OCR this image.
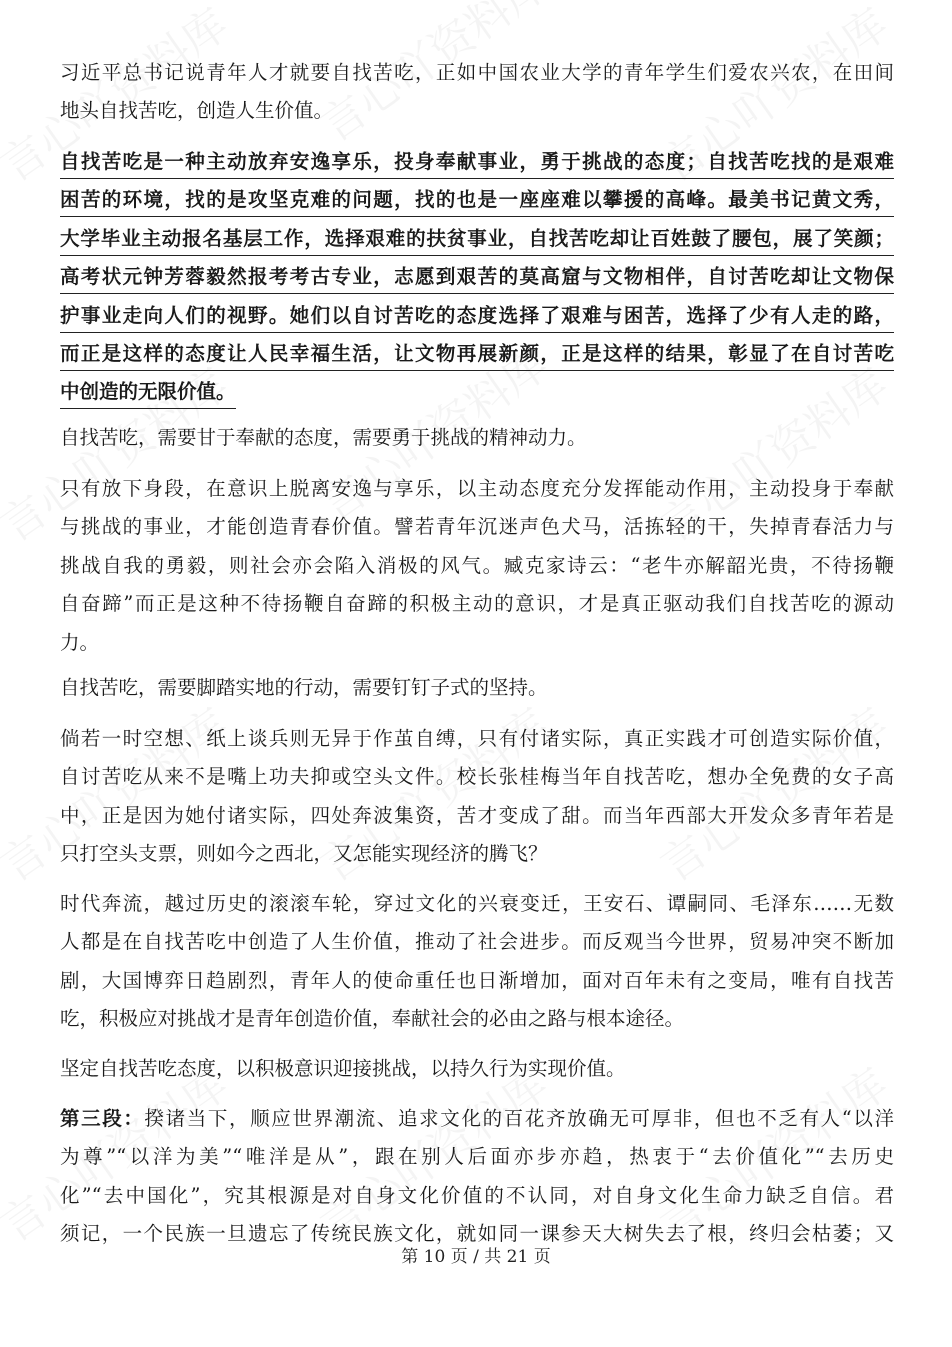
习近平总书记说青年人才就要自找苦吃，正如中国农业大学的青年学生们爱农兴农，在田间
地头自找苦吃，创造人生价值。
自找苦吃是一种主动放弃安逸享乐，投身奉献事业，勇于挑战的态度；自找苦吃找的是艰难
困苦的环境，找的是攻坚克难的问题，找的也是一座座难以攀援的高峰。最美书记黄文秀，
大学毕业主动报名基层工作，选择艰难的扶贫事业，自找苦吃却让百姓鼓了腰包，展了笑颜；
高考状元钟芳蓉毅然报考考古专业，志愿到艰苦的莫高窟与文物相伴，自讨苦吃却让文物保
护事业走向人们的视野。她们以自讨苦吃的态度选择了艰难与困苦，选择了少有人走的路，
而正是这样的态度让人民幸福生活，让文物再展新颜，正是这样的结果，彰显了在自讨苦吃
中创造的无限价值。
自找苦吃，需要甘于奉献的态度，需要勇于挑战的精神动力。
只有放下身段，在意识上脱离安逸与享乐，以主动态度充分发挥能动作用，主动投身于奉献
与挑战的事业，才能创造青春价值。譬若青年沉迷声色犬马，活拣轻的干，失掉青春活力与
挑战自我的勇毅，则社会亦会陷入消极的风气。臧克家诗云：“老牛亦解韶光贵，不待扬鞭
自奋蹄”而正是这种不待扬鞭自奋蹄的积极主动的意识，才是真正驱动我们自找苦吃的源动
力。
自找苦吃，需要脚踏实地的行动，需要钉钉子式的坚持。
倘若一时空想、纸上谈兵则无异于作茧自缚，只有付诸实际，真正实践才可创造实际价值，
自讨苦吃从来不是嘴上功夫抑或空头文件。校长张桂梅当年自找苦吃，想办全免费的女子高
中，正是因为她付诸实际，四处奔波集资，苦才变成了甜。而当年西部大开发众多青年若是
只打空头支票，则如今之西北，又怎能实现经济的腾飞？
时代奔流，越过历史的滚滚车轮，穿过文化的兴衰变迁，王安石、谭嗣同、毛泽东……无数
人都是在自找苦吃中创造了人生价值，推动了社会进步。而反观当今世界，贸易冲突不断加
剧，大国博弈日趋剧烈，青年人的使命重任也日渐增加，面对百年未有之变局，唯有自找苦
吃，积极应对挑战才是青年创造价值，奉献社会的必由之路与根本途径。
坚定自找苦吃态度，以积极意识迎接挑战，以持久行为实现价值。
第三段：揆诸当下，顺应世界潮流、追求文化的百花齐放确无可厚非，但也不乏有人“以洋
为尊”“以洋为美”“唯洋是从”，跟在别人后面亦步亦趋，热衷于“去价值化”“去历史
化”“去中国化”，究其根源是对自身文化价值的不认同，对自身文化生命力缺乏自信。君
须记，一个民族一旦遗忘了传统民族文化，就如同一课参天大树失去了根，终归会枯萎；又
第 10 页 / 共 21 页
